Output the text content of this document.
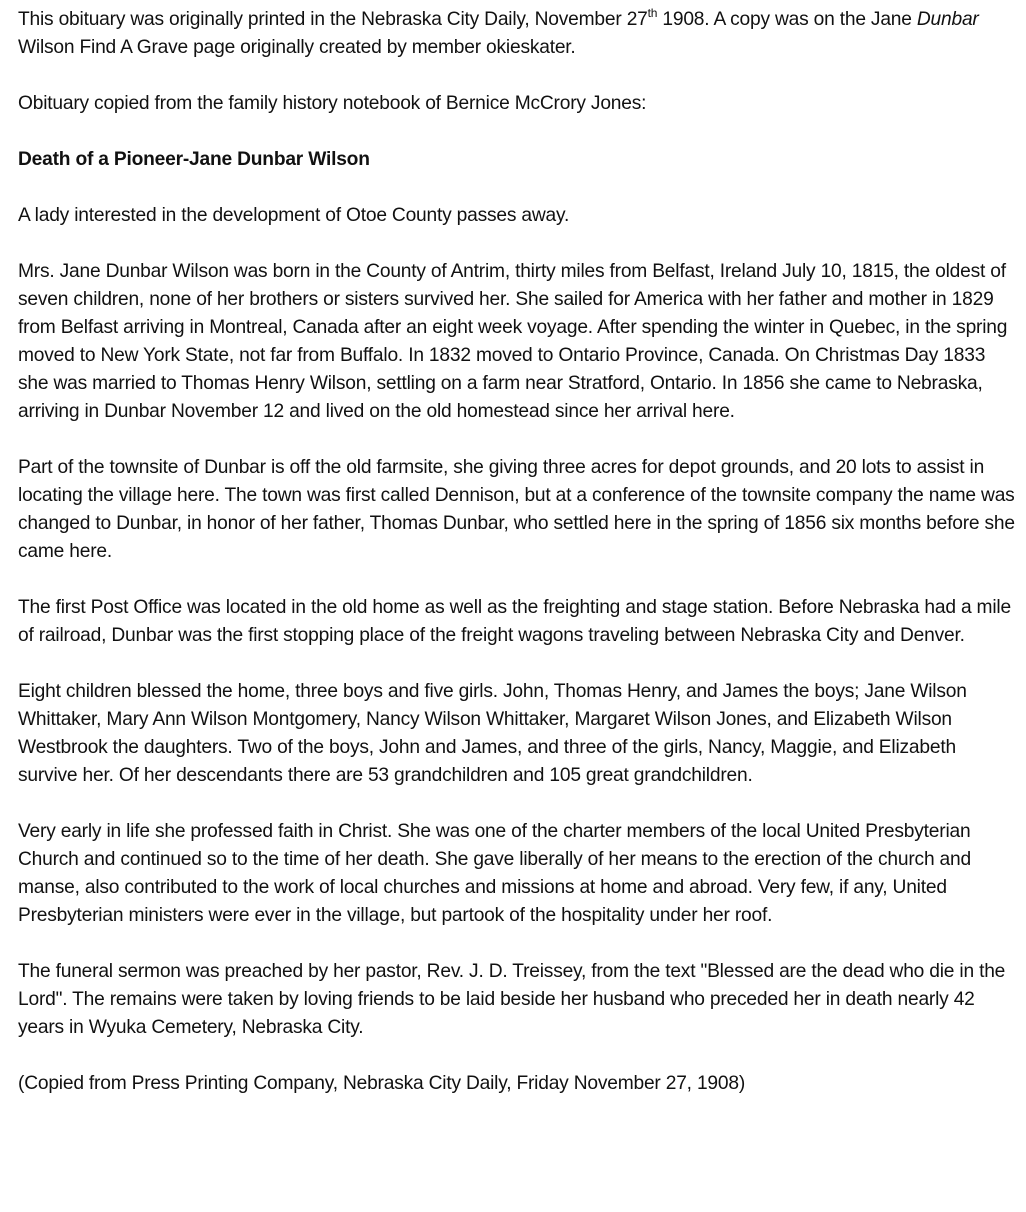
This obituary was originally printed in the Nebraska City Daily, November 27th 1908. A copy was on the Jane Dunbar Wilson Find A Grave page originally created by member okieskater.

Obituary copied from the family history notebook of Bernice McCrory Jones:

Death of a Pioneer-Jane Dunbar Wilson

A lady interested in the development of Otoe County passes away.

Mrs. Jane Dunbar Wilson was born in the County of Antrim, thirty miles from Belfast, Ireland July 10, 1815, the oldest of seven children, none of her brothers or sisters survived her. She sailed for America with her father and mother in 1829 from Belfast arriving in Montreal, Canada after an eight week voyage. After spending the winter in Quebec, in the spring moved to New York State, not far from Buffalo. In 1832 moved to Ontario Province, Canada. On Christmas Day 1833 she was married to Thomas Henry Wilson, settling on a farm near Stratford, Ontario. In 1856 she came to Nebraska, arriving in Dunbar November 12 and lived on the old homestead since her arrival here.

Part of the townsite of Dunbar is off the old farmsite, she giving three acres for depot grounds, and 20 lots to assist in locating the village here. The town was first called Dennison, but at a conference of the townsite company the name was changed to Dunbar, in honor of her father, Thomas Dunbar, who settled here in the spring of 1856 six months before she came here.

The first Post Office was located in the old home as well as the freighting and stage station. Before Nebraska had a mile of railroad, Dunbar was the first stopping place of the freight wagons traveling between Nebraska City and Denver.

Eight children blessed the home, three boys and five girls. John, Thomas Henry, and James the boys; Jane Wilson Whittaker, Mary Ann Wilson Montgomery, Nancy Wilson Whittaker, Margaret Wilson Jones, and Elizabeth Wilson Westbrook the daughters. Two of the boys, John and James, and three of the girls, Nancy, Maggie, and Elizabeth survive her. Of her descendants there are 53 grandchildren and 105 great grandchildren.

Very early in life she professed faith in Christ. She was one of the charter members of the local United Presbyterian Church and continued so to the time of her death. She gave liberally of her means to the erection of the church and manse, also contributed to the work of local churches and missions at home and abroad. Very few, if any, United Presbyterian ministers were ever in the village, but partook of the hospitality under her roof.

The funeral sermon was preached by her pastor, Rev. J. D. Treissey, from the text "Blessed are the dead who die in the Lord". The remains were taken by loving friends to be laid beside her husband who preceded her in death nearly 42 years in Wyuka Cemetery, Nebraska City.

(Copied from Press Printing Company, Nebraska City Daily, Friday November 27, 1908)
